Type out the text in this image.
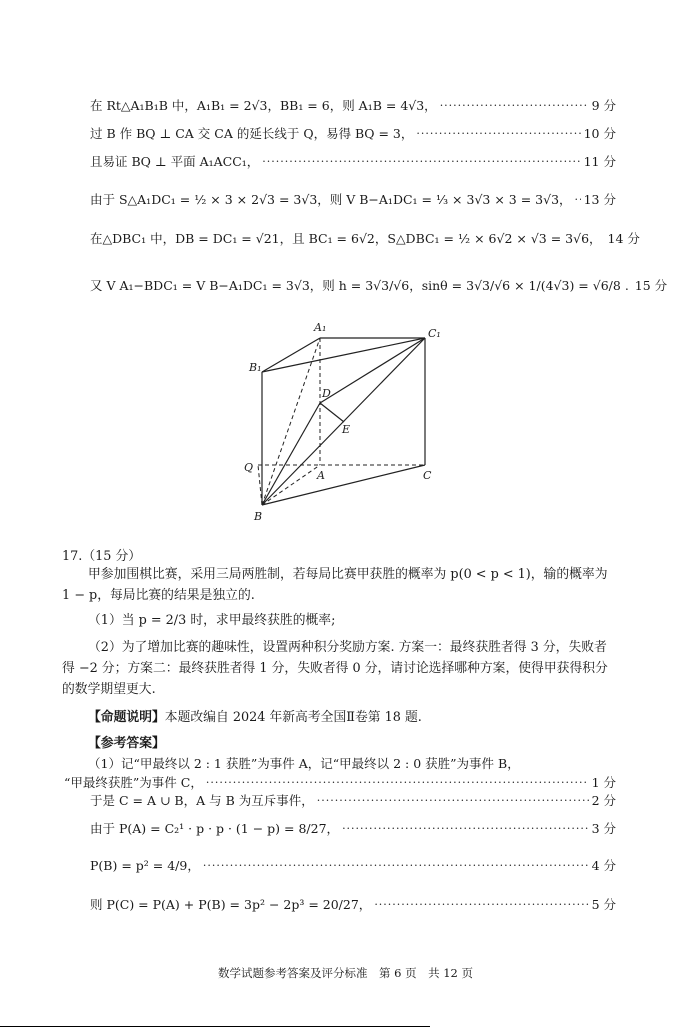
在 Rt△A₁B₁B 中，A₁B₁ = 2√3，BB₁ = 6，则 A₁B = 4√3， ·····	9 分
过 B 作 BQ ⊥ CA 交 CA 的延长线于 Q，易得 BQ = 3， ·····	10 分
且易证 BQ ⊥ 平面 A₁ACC₁， ·····	11 分
由于 S△A₁DC₁ = ½ × 3 × 2√3 = 3√3，则 V B−A₁DC₁ = ⅓ × 3√3 × 3 = 3√3， ····· 13 分
在△DBC₁ 中，DB = DC₁ = √21，且 BC₁ = 6√2，S△DBC₁ = ½ × 6√2 × √3 = 3√6， 14 分
又 V A₁−BDC₁ = V B−A₁DC₁ = 3√3，则 h = 3√3/√6，sinθ = 3√3/√6 × 1/(4√3) = √6/8 . 15 分
A₁	C₁
B₁
D
E
Q
A	C
B
17.（15 分）
甲参加围棋比赛，采用三局两胜制，若每局比赛甲获胜的概率为 p(0 < p < 1)，输的概率为 1 − p，每局比赛的结果是独立的.
（1）当 p = 2/3 时，求甲最终获胜的概率;
（2）为了增加比赛的趣味性，设置两种积分奖励方案. 方案一：最终获胜者得 3 分，失败者得 −2 分；方案二：最终获胜者得 1 分，失败者得 0 分，请讨论选择哪种方案，使得甲获得积分的数学期望更大.
【命题说明】本题改编自 2024 年新高考全国Ⅱ卷第 18 题.
【参考答案】
（1）记“甲最终以 2 : 1 获胜”为事件 A，记“甲最终以 2 : 0 获胜”为事件 B，
“甲最终获胜”为事件 C， ·····	1 分
于是 C = A ∪ B，A 与 B 为互斥事件， ·····	2 分
由于 P(A) = C₂¹ · p · p · (1 − p) = 8/27， ·····	3 分
P(B) = p² = 4/9， ·····	4 分
则 P(C) = P(A) + P(B) = 3p² − 2p³ = 20/27， ·····	5 分
数学试题参考答案及评分标准　第 6 页　共 12 页
